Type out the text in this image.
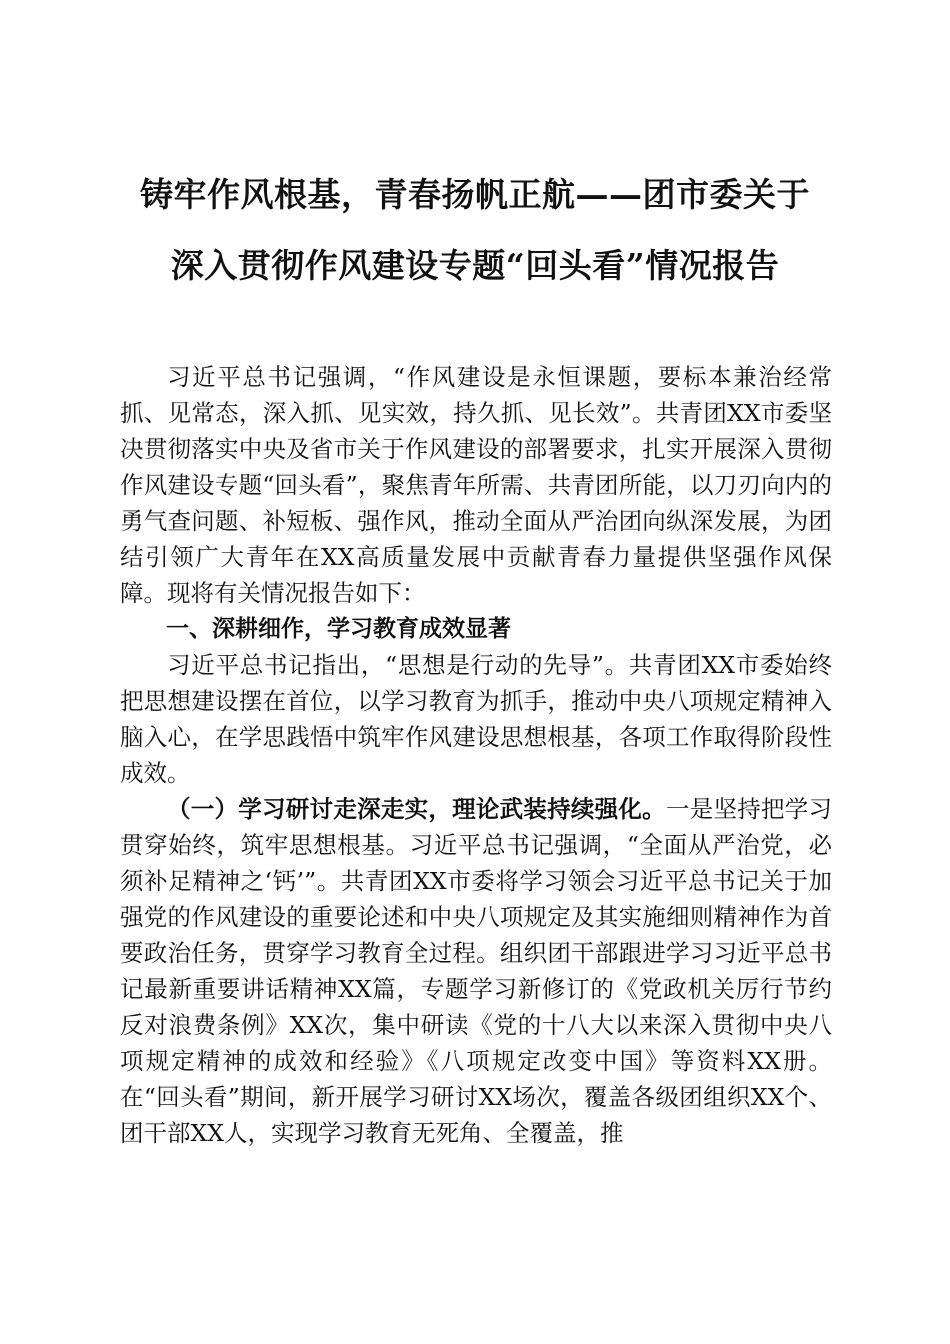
铸牢作风根基，青春扬帆正航——团市委关于
深入贯彻作风建设专题“回头看”情况报告

习近平总书记强调，“作风建设是永恒课题，要标本兼治经常抓、见常态，深入抓、见实效，持久抓、见长效”。共青团XX市委坚决贯彻落实中央及省市关于作风建设的部署要求，扎实开展深入贯彻作风建设专题“回头看”，聚焦青年所需、共青团所能，以刀刃向内的勇气查问题、补短板、强作风，推动全面从严治团向纵深发展，为团结引领广大青年在XX高质量发展中贡献青春力量提供坚强作风保障。现将有关情况报告如下：

一、深耕细作，学习教育成效显著

习近平总书记指出，“思想是行动的先导”。共青团XX市委始终把思想建设摆在首位，以学习教育为抓手，推动中央八项规定精神入脑入心，在学思践悟中筑牢作风建设思想根基，各项工作取得阶段性成效。

（一）学习研讨走深走实，理论武装持续强化。一是坚持把学习贯穿始终，筑牢思想根基。习近平总书记强调，“全面从严治党，必须补足精神之‘钙’”。共青团XX市委将学习领会习近平总书记关于加强党的作风建设的重要论述和中央八项规定及其实施细则精神作为首要政治任务，贯穿学习教育全过程。组织团干部跟进学习习近平总书记最新重要讲话精神XX篇，专题学习新修订的《党政机关厉行节约反对浪费条例》XX次，集中研读《党的十八大以来深入贯彻中央八项规定精神的成效和经验》《八项规定改变中国》等资料XX册。在“回头看”期间，新开展学习研讨XX场次，覆盖各级团组织XX个、团干部XX人，实现学习教育无死角、全覆盖，推
